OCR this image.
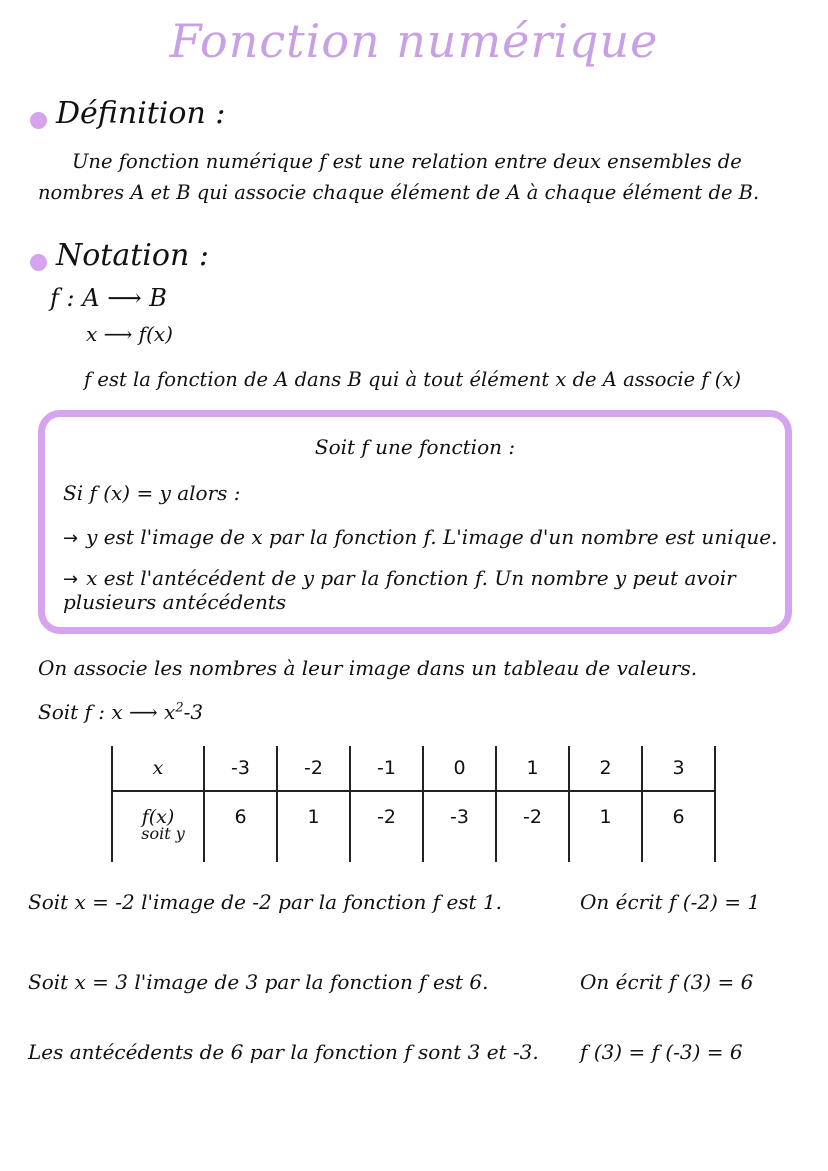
Fonction numérique
Définition :
Une fonction numérique f est une relation entre deux ensembles de nombres A et B qui associe chaque élément de A à chaque élément de B.
Notation :
f : A ⟶ B
x ⟶ f(x)
f est la fonction de A dans B qui à tout élément x de A associe f (x)
Soit f une fonction :
Si f (x) = y alors :
→ y est l'image de x par la fonction f. L'image d'un nombre est unique.
→ x est l'antécédent de y par la fonction f. Un nombre y peut avoir plusieurs antécédents
On associe les nombres à leur image dans un tableau de valeurs.
Soit f : x ⟶ $x^2-3$
x	-3	-2	-1	0	1	2	3
f(x)
soit y	6	1	-2	-3	-2	1	6
Soit x = -2 l'image de -2 par la fonction f est 1.	On écrit f (-2) = 1
Soit x = 3 l'image de 3 par la fonction f est 6.	On écrit f (3) = 6
Les antécédents de 6 par la fonction f sont 3 et -3. f (3) = f (-3) = 6
